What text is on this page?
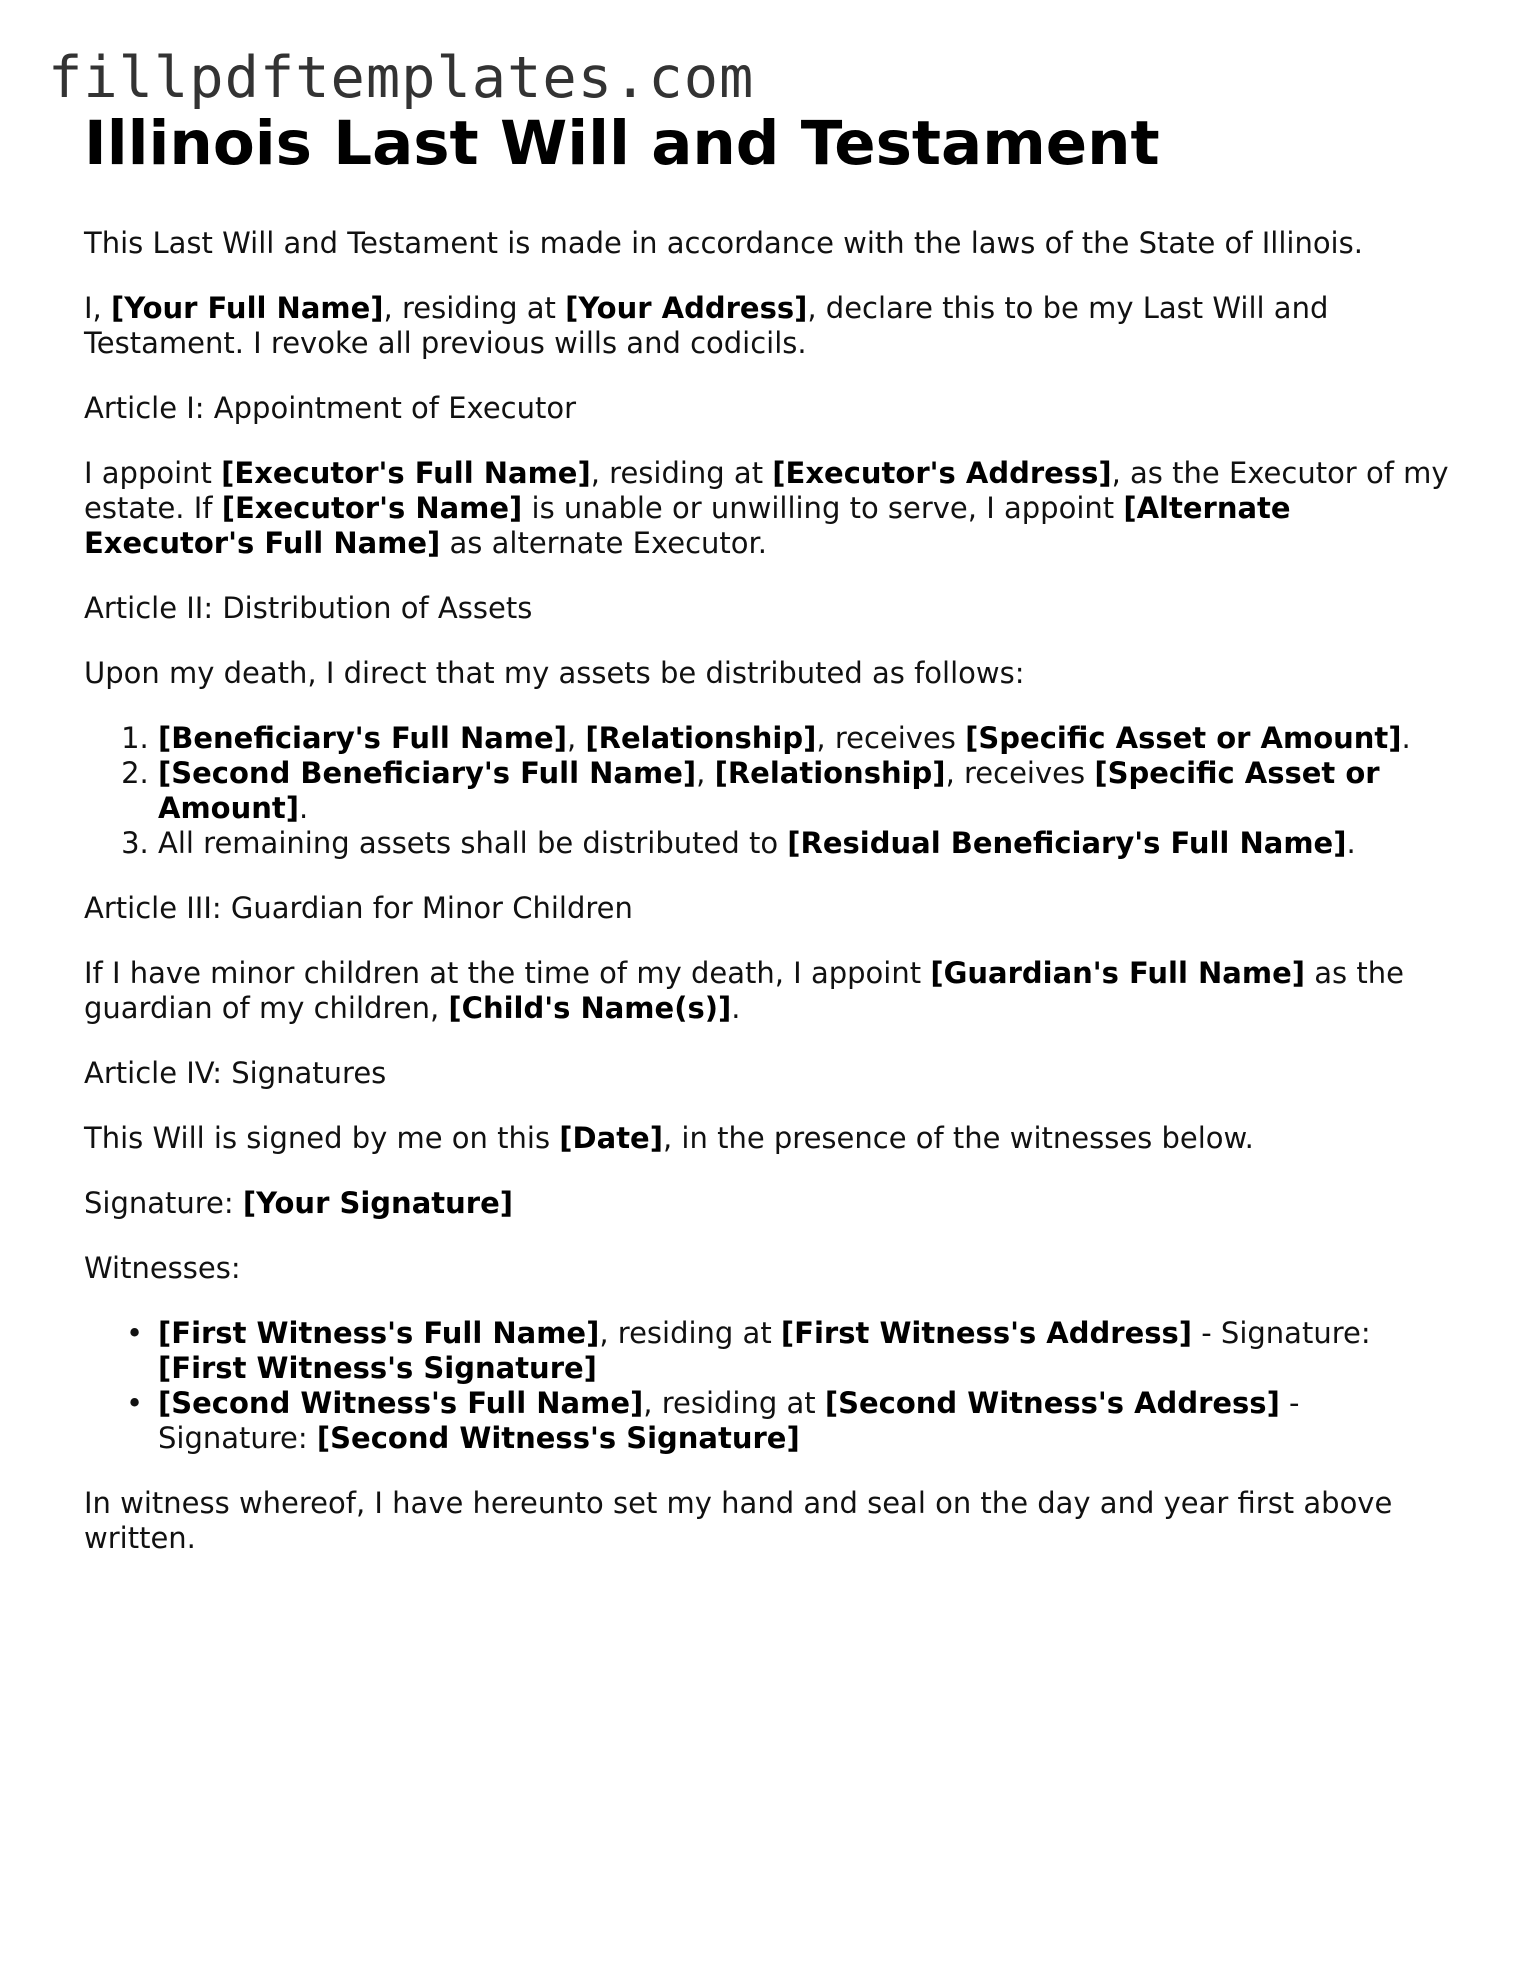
fillpdftemplates.com
Illinois Last Will and Testament

This Last Will and Testament is made in accordance with the laws of the State of Illinois.

I, [Your Full Name], residing at [Your Address], declare this to be my Last Will and Testament. I revoke all previous wills and codicils.

Article I: Appointment of Executor

I appoint [Executor's Full Name], residing at [Executor's Address], as the Executor of my estate. If [Executor's Name] is unable or unwilling to serve, I appoint [Alternate Executor's Full Name] as alternate Executor.

Article II: Distribution of Assets

Upon my death, I direct that my assets be distributed as follows:

1. [Beneficiary's Full Name], [Relationship], receives [Specific Asset or Amount].
2. [Second Beneficiary's Full Name], [Relationship], receives [Specific Asset or Amount].
3. All remaining assets shall be distributed to [Residual Beneficiary's Full Name].

Article III: Guardian for Minor Children

If I have minor children at the time of my death, I appoint [Guardian's Full Name] as the guardian of my children, [Child's Name(s)].

Article IV: Signatures

This Will is signed by me on this [Date], in the presence of the witnesses below.

Signature: [Your Signature]

Witnesses:

• [First Witness's Full Name], residing at [First Witness's Address] - Signature: [First Witness's Signature]
• [Second Witness's Full Name], residing at [Second Witness's Address] - Signature: [Second Witness's Signature]

In witness whereof, I have hereunto set my hand and seal on the day and year first above written.
